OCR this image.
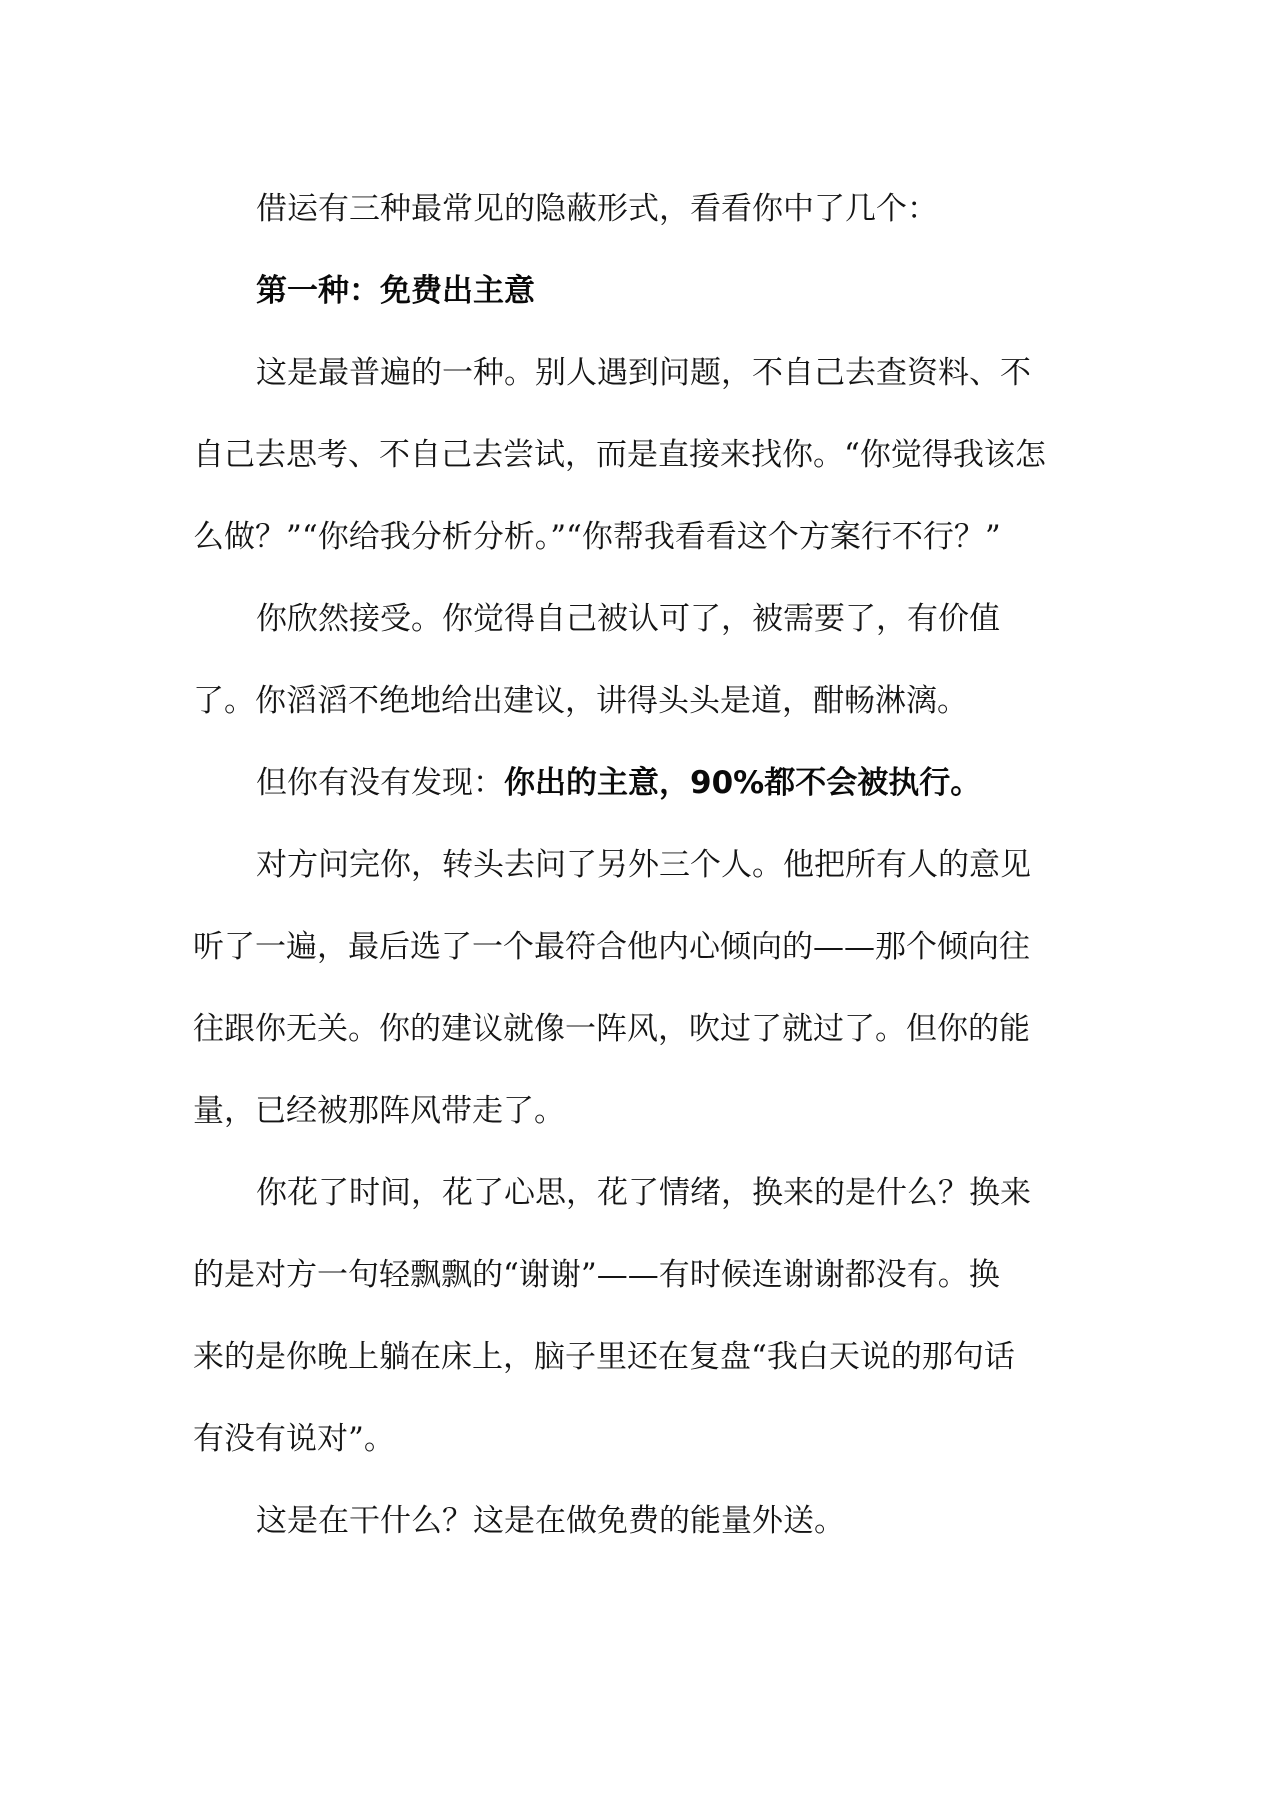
借运有三种最常见的隐蔽形式，看看你中了几个：

第一种：免费出主意

这是最普遍的一种。别人遇到问题，不自己去查资料、不

自己去思考、不自己去尝试，而是直接来找你。“你觉得我该怎

么做？”“你给我分析分析。”“你帮我看看这个方案行不行？”

你欣然接受。你觉得自己被认可了，被需要了，有价值

了。你滔滔不绝地给出建议，讲得头头是道，酣畅淋漓。

但你有没有发现：你出的主意，90%都不会被执行。

对方问完你，转头去问了另外三个人。他把所有人的意见

听了一遍，最后选了一个最符合他内心倾向的——那个倾向往

往跟你无关。你的建议就像一阵风，吹过了就过了。但你的能

量，已经被那阵风带走了。

你花了时间，花了心思，花了情绪，换来的是什么？换来

的是对方一句轻飘飘的“谢谢”——有时候连谢谢都没有。换

来的是你晚上躺在床上，脑子里还在复盘“我白天说的那句话

有没有说对”。

这是在干什么？这是在做免费的能量外送。
